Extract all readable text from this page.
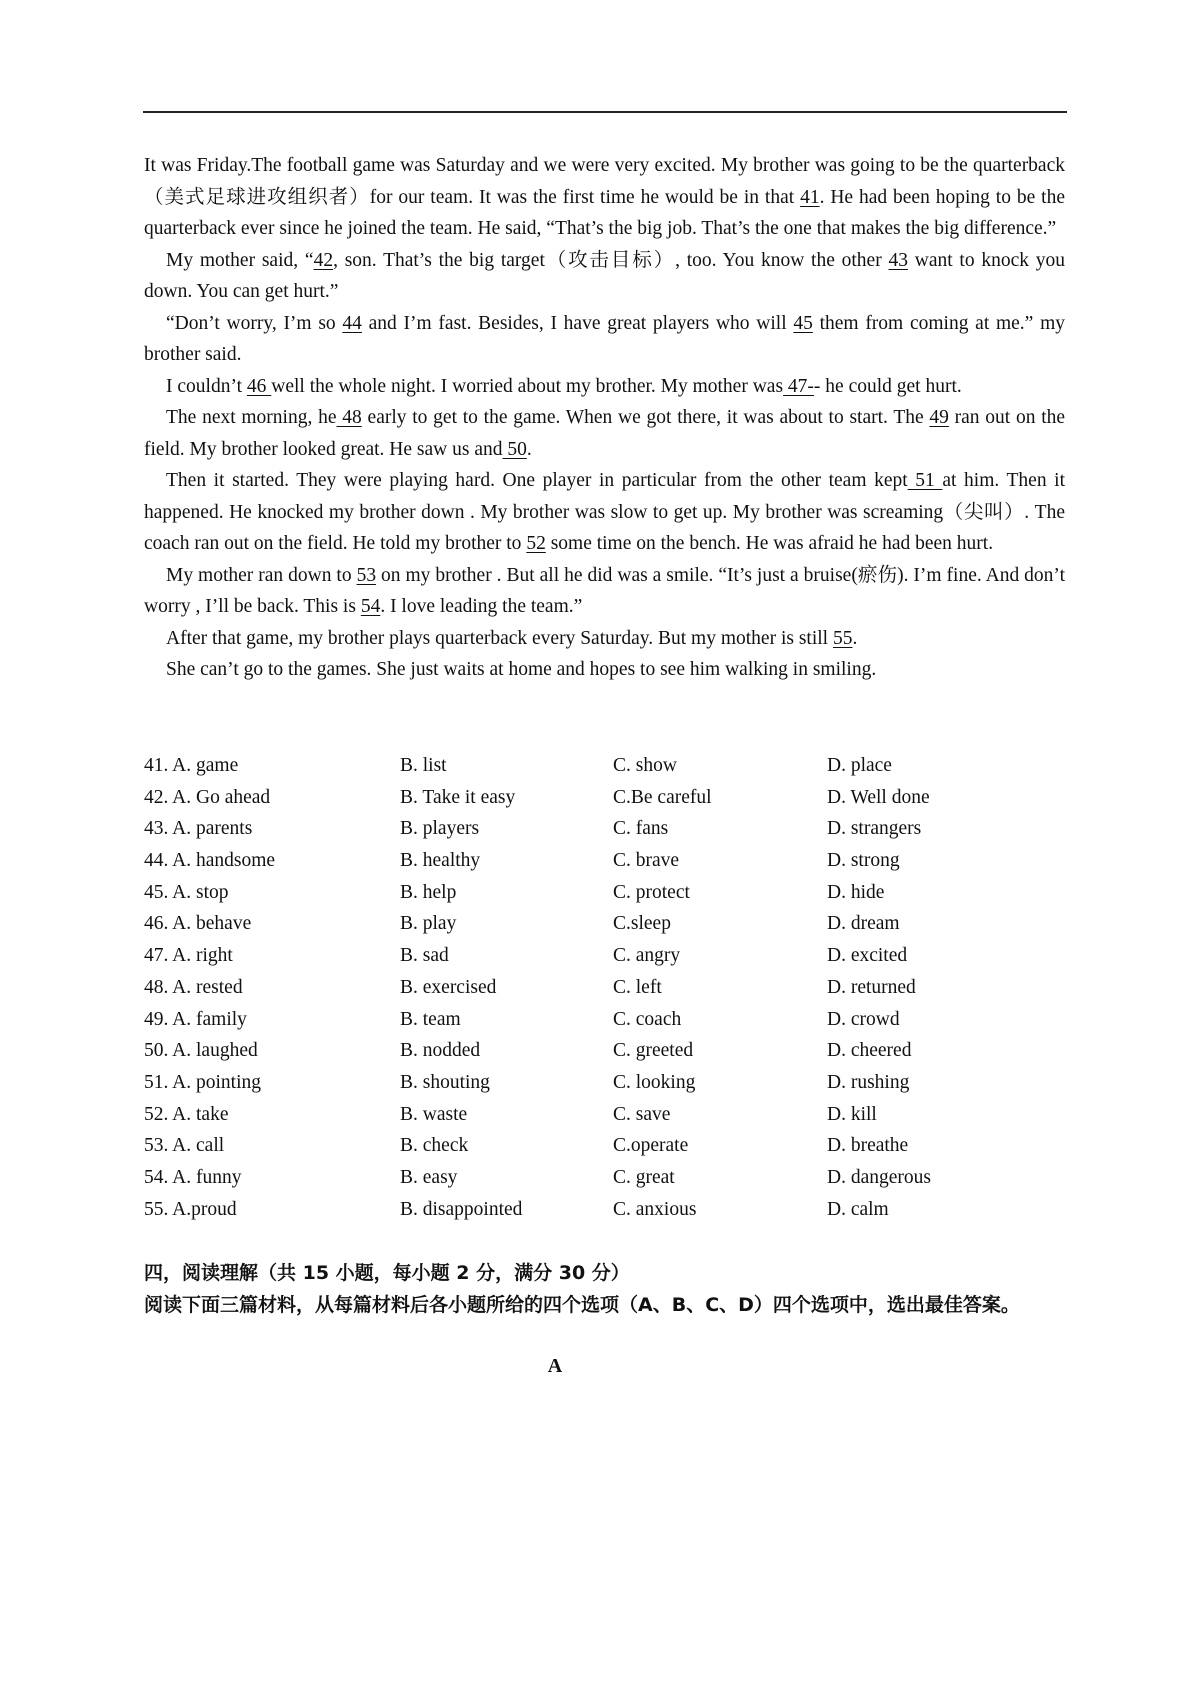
It was Friday.The football game was Saturday and we were very excited. My brother was going to be the quarterback（美式足球进攻组织者）for our team. It was the first time he would be in that 41. He had been hoping to be the quarterback ever since he joined the team. He said, “That’s the big job. That’s the one that makes the big difference.”

My mother said, “42, son. That’s the big target（攻击目标）, too. You know the other 43 want to knock you down. You can get hurt.”

“Don’t worry, I’m so 44 and I’m fast. Besides, I have great players who will 45 them from coming at me.” my brother said.

I couldn’t 46 well the whole night. I worried about my brother. My mother was 47-- he could get hurt.

The next morning, he 48 early to get to the game. When we got there, it was about to start. The 49 ran out on the field. My brother looked great. He saw us and 50.

Then it started. They were playing hard. One player in particular from the other team kept 51 at him. Then it happened. He knocked my brother down . My brother was slow to get up. My brother was screaming（尖叫）. The coach ran out on the field. He told my brother to 52 some time on the bench. He was afraid he had been hurt.

My mother ran down to 53 on my brother . But all he did was a smile. “It’s just a bruise(瘀伤). I’m fine. And don’t worry , I’ll be back. This is 54. I love leading the team.”

After that game, my brother plays quarterback every Saturday. But my mother is still 55.

She can’t go to the games. She just waits at home and hopes to see him walking in smiling.

41. A. game	B. list	C. show	D. place
42. A. Go ahead	B. Take it easy	C.Be careful	D. Well done
43. A. parents	B. players	C. fans	D. strangers
44. A. handsome	B. healthy	C. brave	D. strong
45. A. stop	B. help	C. protect	D. hide
46. A. behave	B. play	C.sleep	D. dream
47. A. right	B. sad	C. angry	D. excited
48. A. rested	B. exercised	C. left	D. returned
49. A. family	B. team	C. coach	D. crowd
50. A. laughed	B. nodded	C. greeted	D. cheered
51. A. pointing	B. shouting	C. looking	D. rushing
52. A. take	B. waste	C. save	D. kill
53. A. call	B. check	C.operate	D. breathe
54. A. funny	B. easy	C. great	D. dangerous
55. A.proud	B. disappointed	C. anxious	D. calm

四，阅读理解（共 15 小题，每小题 2 分，满分 30 分）

阅读下面三篇材料，从每篇材料后各小题所给的四个选项（A、B、C、D）四个选项中，选出最佳答案。

A
